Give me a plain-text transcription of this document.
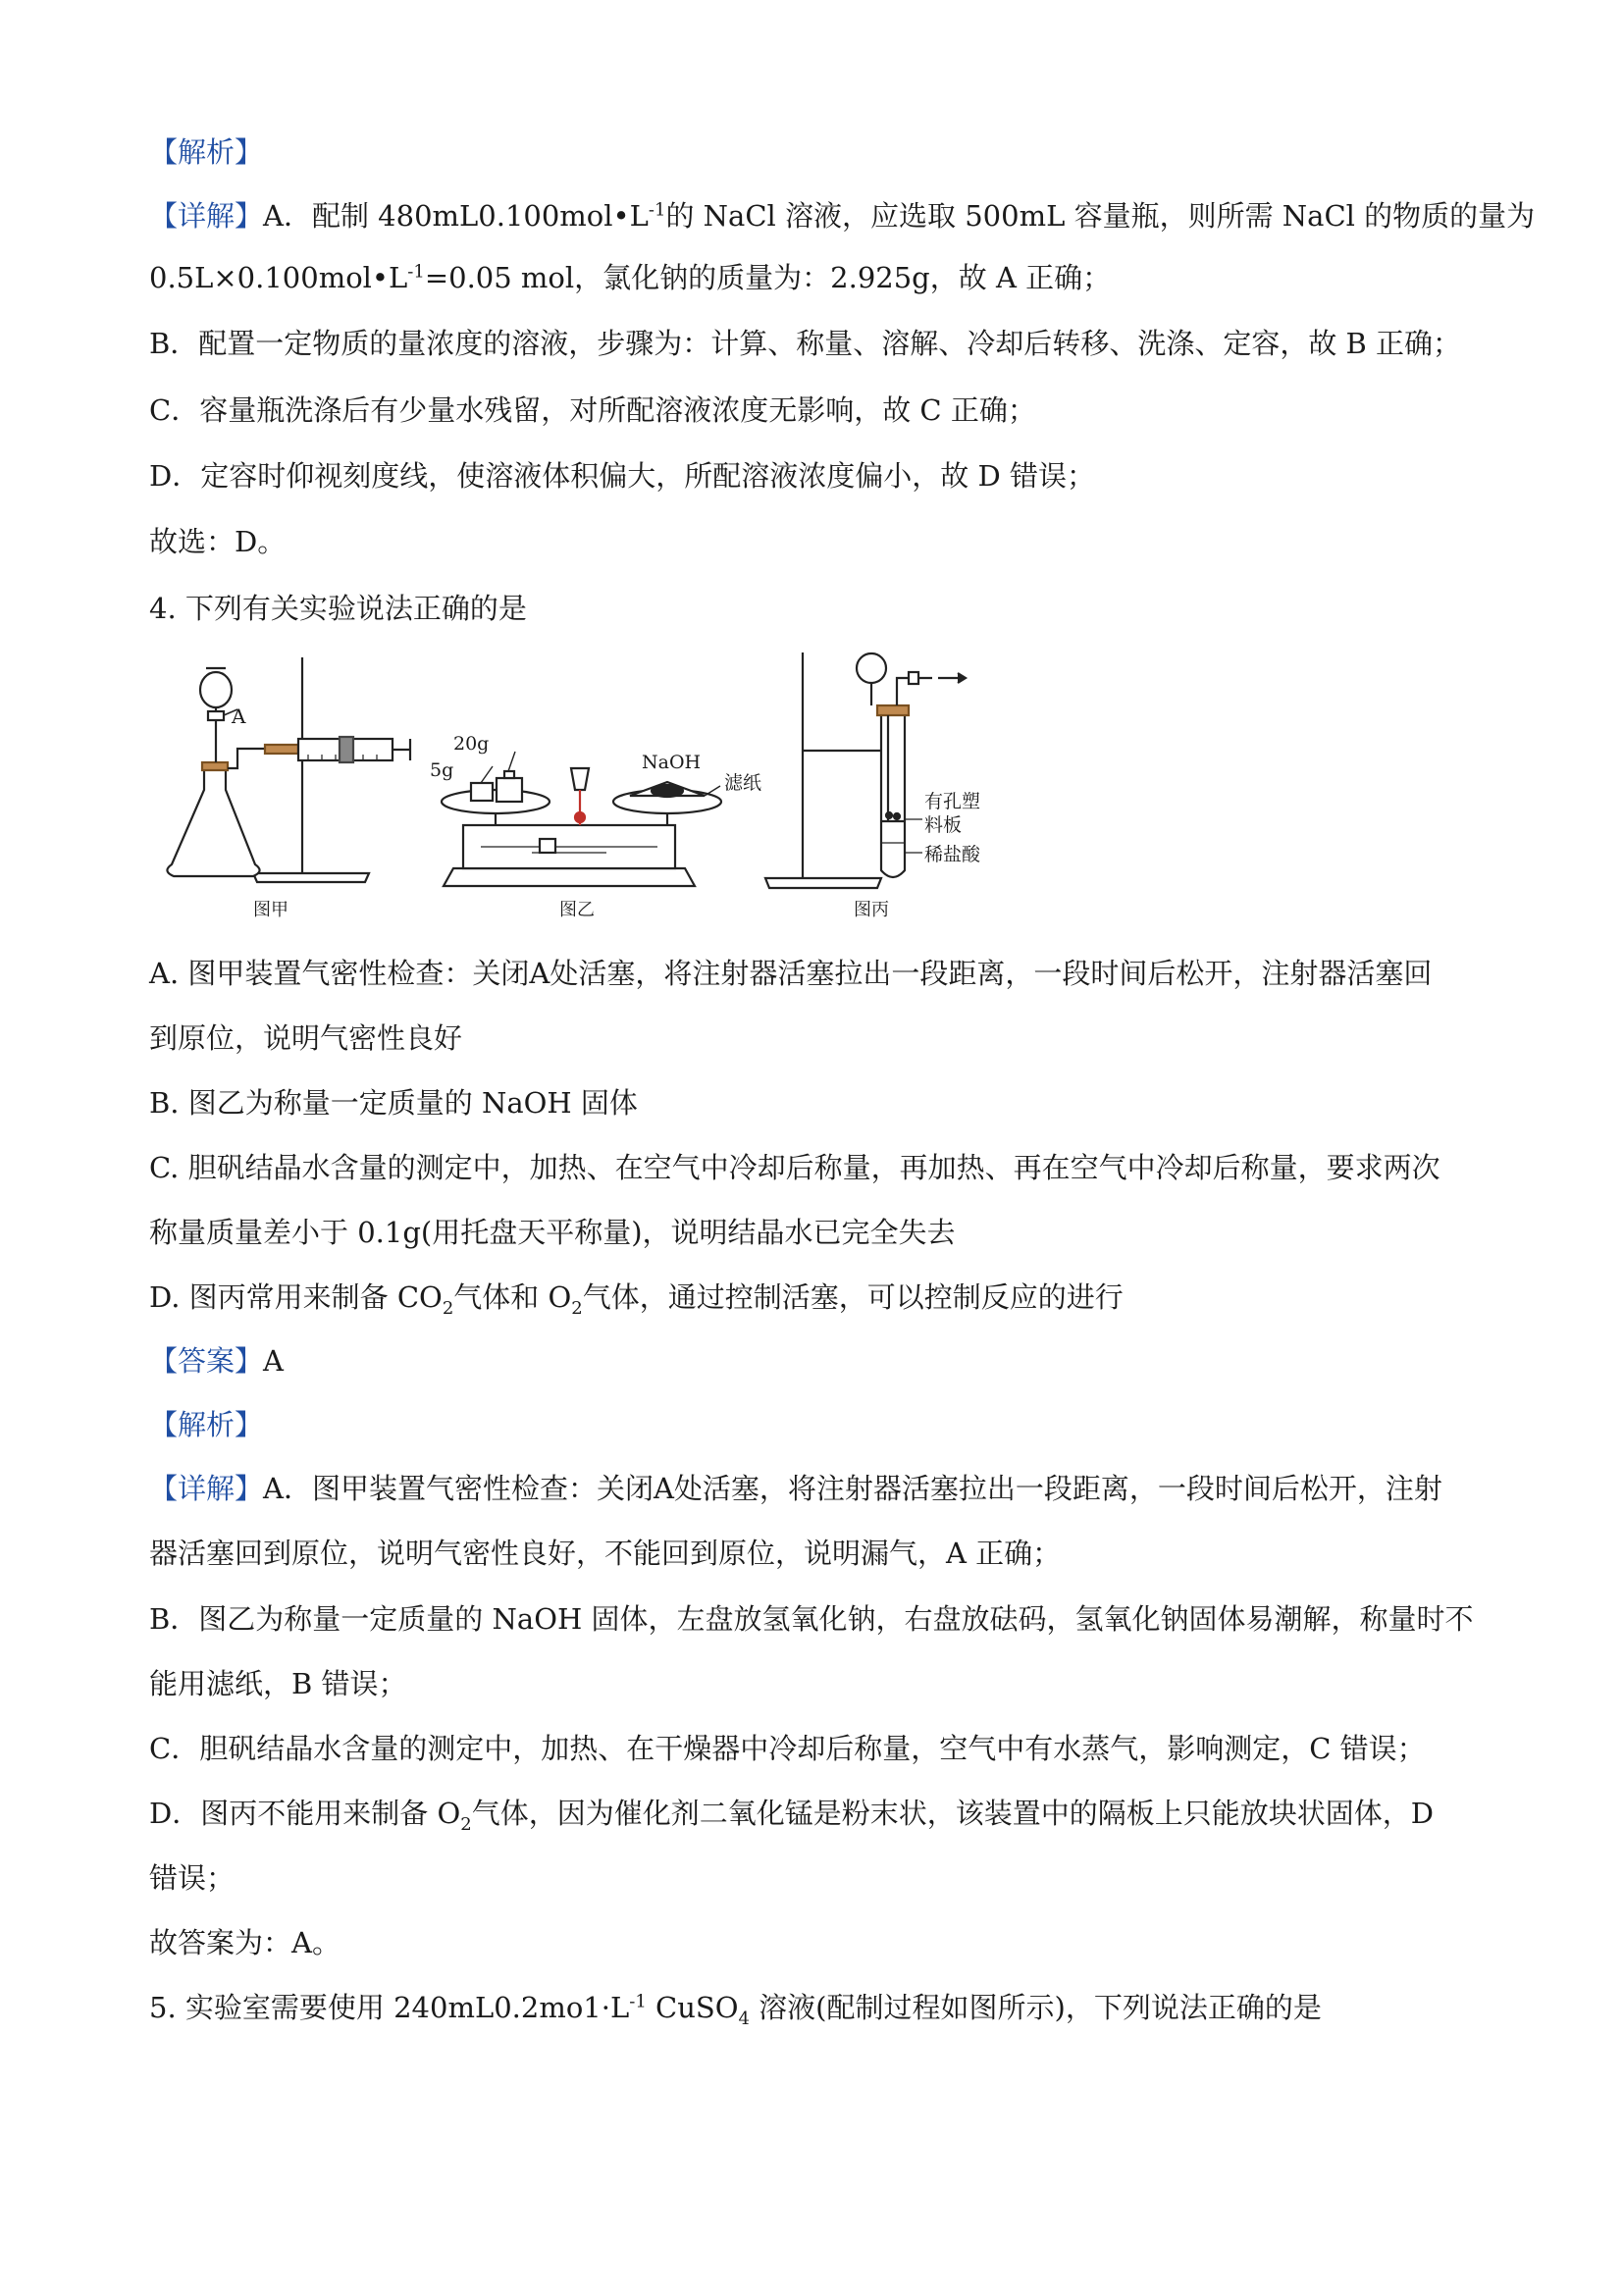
【解析】
【详解】A．配制 $480mL0.100mol•L^{-1}$的 NaCl 溶液，应选取 500mL 容量瓶，则所需 NaCl 的物质的量为
$0.5L\times 0.100mol•L^{-1}=0.05$ mol，氯化钠的质量为：2.925g，故 A 正确；
B．配置一定物质的量浓度的溶液，步骤为：计算、称量、溶解、冷却后转移、洗涤、定容，故 B 正确；
C．容量瓶洗涤后有少量水残留，对所配溶液浓度无影响，故 C 正确；
D．定容时仰视刻度线，使溶液体积偏大，所配溶液浓度偏小，故 D 错误；
故选：D。
4. 下列有关实验说法正确的是
A
图甲
20g
5g	NaOH
滤纸
图乙
有孔塑
料板
稀盐酸
图丙
A. 图甲装置气密性检查：关闭A处活塞，将注射器活塞拉出一段距离，一段时间后松开，注射器活塞回
到原位，说明气密性良好
B. 图乙为称量一定质量的 NaOH 固体
C. 胆矾结晶水含量的测定中，加热、在空气中冷却后称量，再加热、再在空气中冷却后称量，要求两次
称量质量差小于 0.1g(用托盘天平称量)，说明结晶水已完全失去
D. 图丙常用来制备 $CO_2$气体和 $O_2$气体，通过控制活塞，可以控制反应的进行
【答案】A
【解析】
【详解】A．图甲装置气密性检查：关闭A处活塞，将注射器活塞拉出一段距离，一段时间后松开，注射
器活塞回到原位，说明气密性良好，不能回到原位，说明漏气，A 正确；
B．图乙为称量一定质量的 NaOH 固体，左盘放氢氧化钠，右盘放砝码，氢氧化钠固体易潮解，称量时不
能用滤纸，B 错误；
C．胆矾结晶水含量的测定中，加热、在干燥器中冷却后称量，空气中有水蒸气，影响测定，C 错误；
D．图丙不能用来制备 $O_2$气体，因为催化剂二氧化锰是粉末状，该装置中的隔板上只能放块状固体，D
错误；
故答案为：A。
5. 实验室需要使用 $240mL0.2mo1\cdot L^{-1}$ CuSO$_4$ 溶液(配制过程如图所示)，下列说法正确的是
